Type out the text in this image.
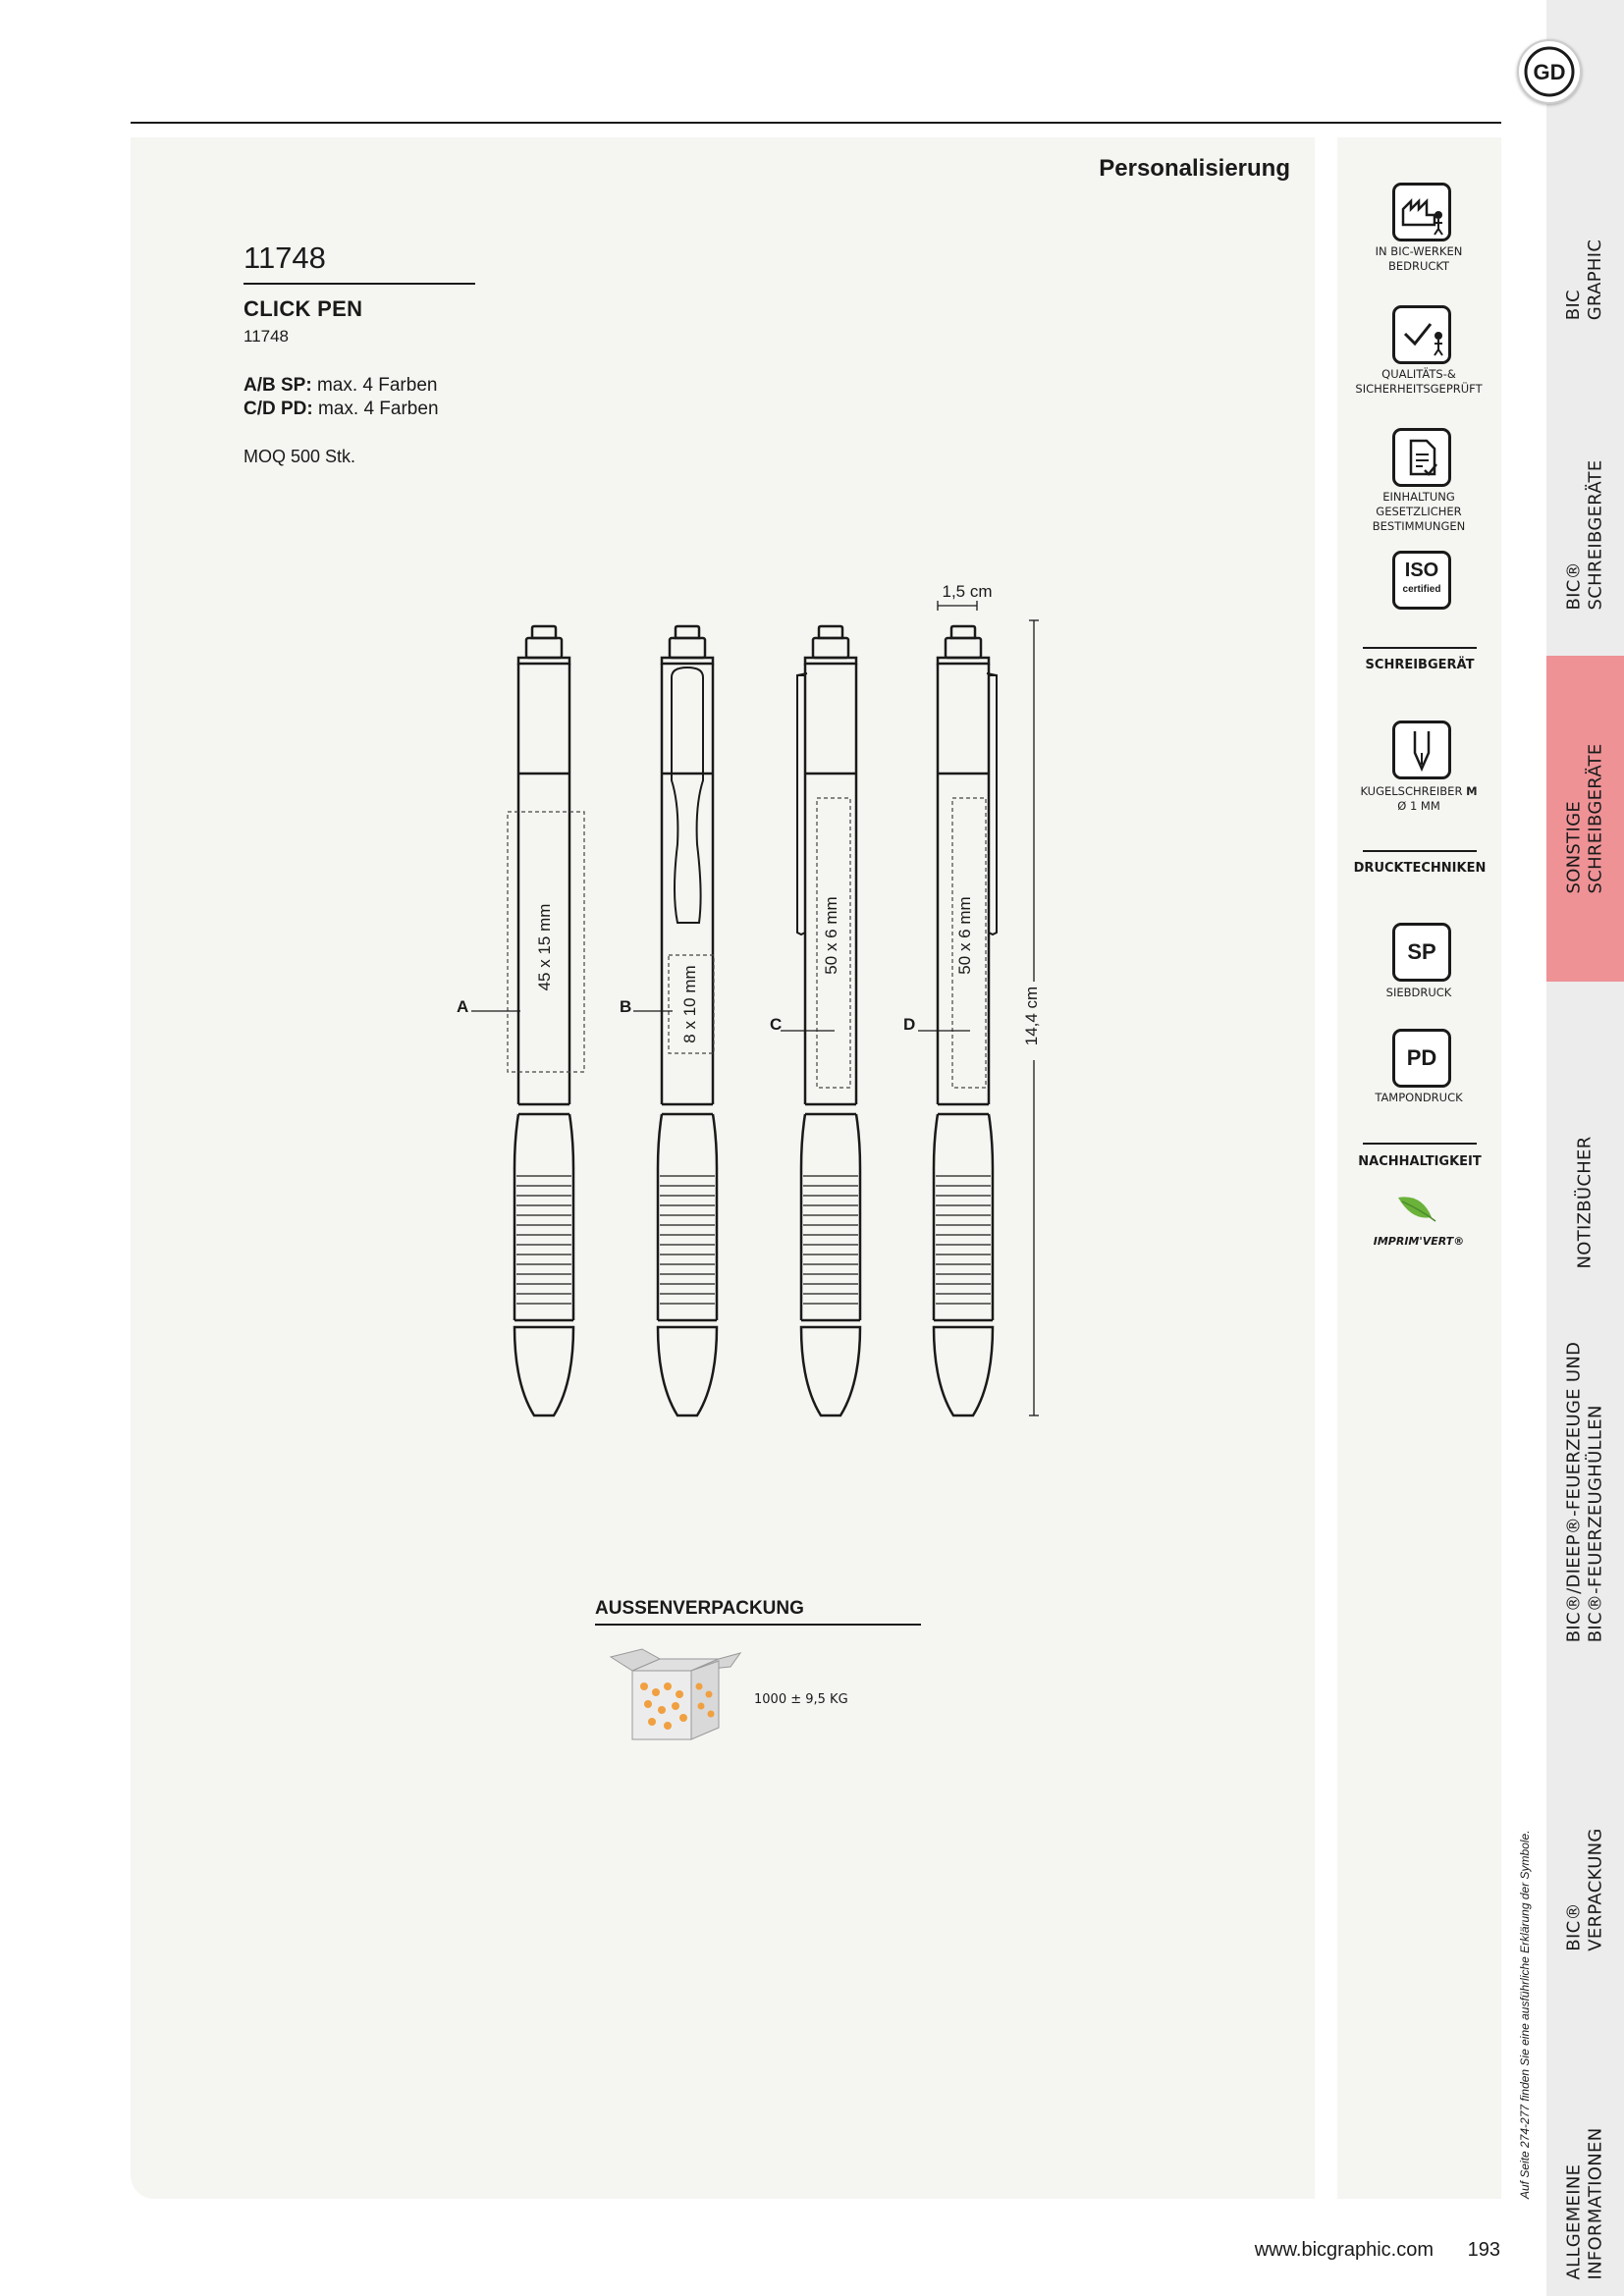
Personalisierung
11748
CLICK PEN
11748
A/B SP: max. 4 Farben
C/D PD: max. 4 Farben
MOQ 500 Stk.
A	B
C	D
45 x 15 mm
8 x 10 mm
50 x 6 mm	50 x 6 mm
1,5 cm
14,4 cm
AUSSENVERPACKUNG
1000 ± 9,5 KG
IN BIC-WERKEN BEDRUCKT
QUALITÄTS-& SICHERHEITSGEPRÜFT
EINHALTUNG GESETZLICHER BESTIMMUNGEN
ISO
certified
SCHREIBGERÄT
KUGELSCHREIBER M
Ø 1 MM
DRUCKTECHNIKEN
SP
SIEBDRUCK
PD
TAMPONDRUCK
NACHHALTIGKEIT
IMPRIM'VERT®
GD
BIC
GRAPHIC
BIC®
SCHREIBGERÄTE
SONSTIGE
SCHREIBGERÄTE
NOTIZBÜCHER
BIC®/DIEEP®-FEUERZEUGE UND
BIC®-FEUERZEUGHÜLLEN
BIC®
VERPACKUNG
ALLGEMEINE
INFORMATIONEN
Auf Seite 274-277 finden Sie eine ausführliche Erklärung der Symbole.
www.bicgraphic.com 193
